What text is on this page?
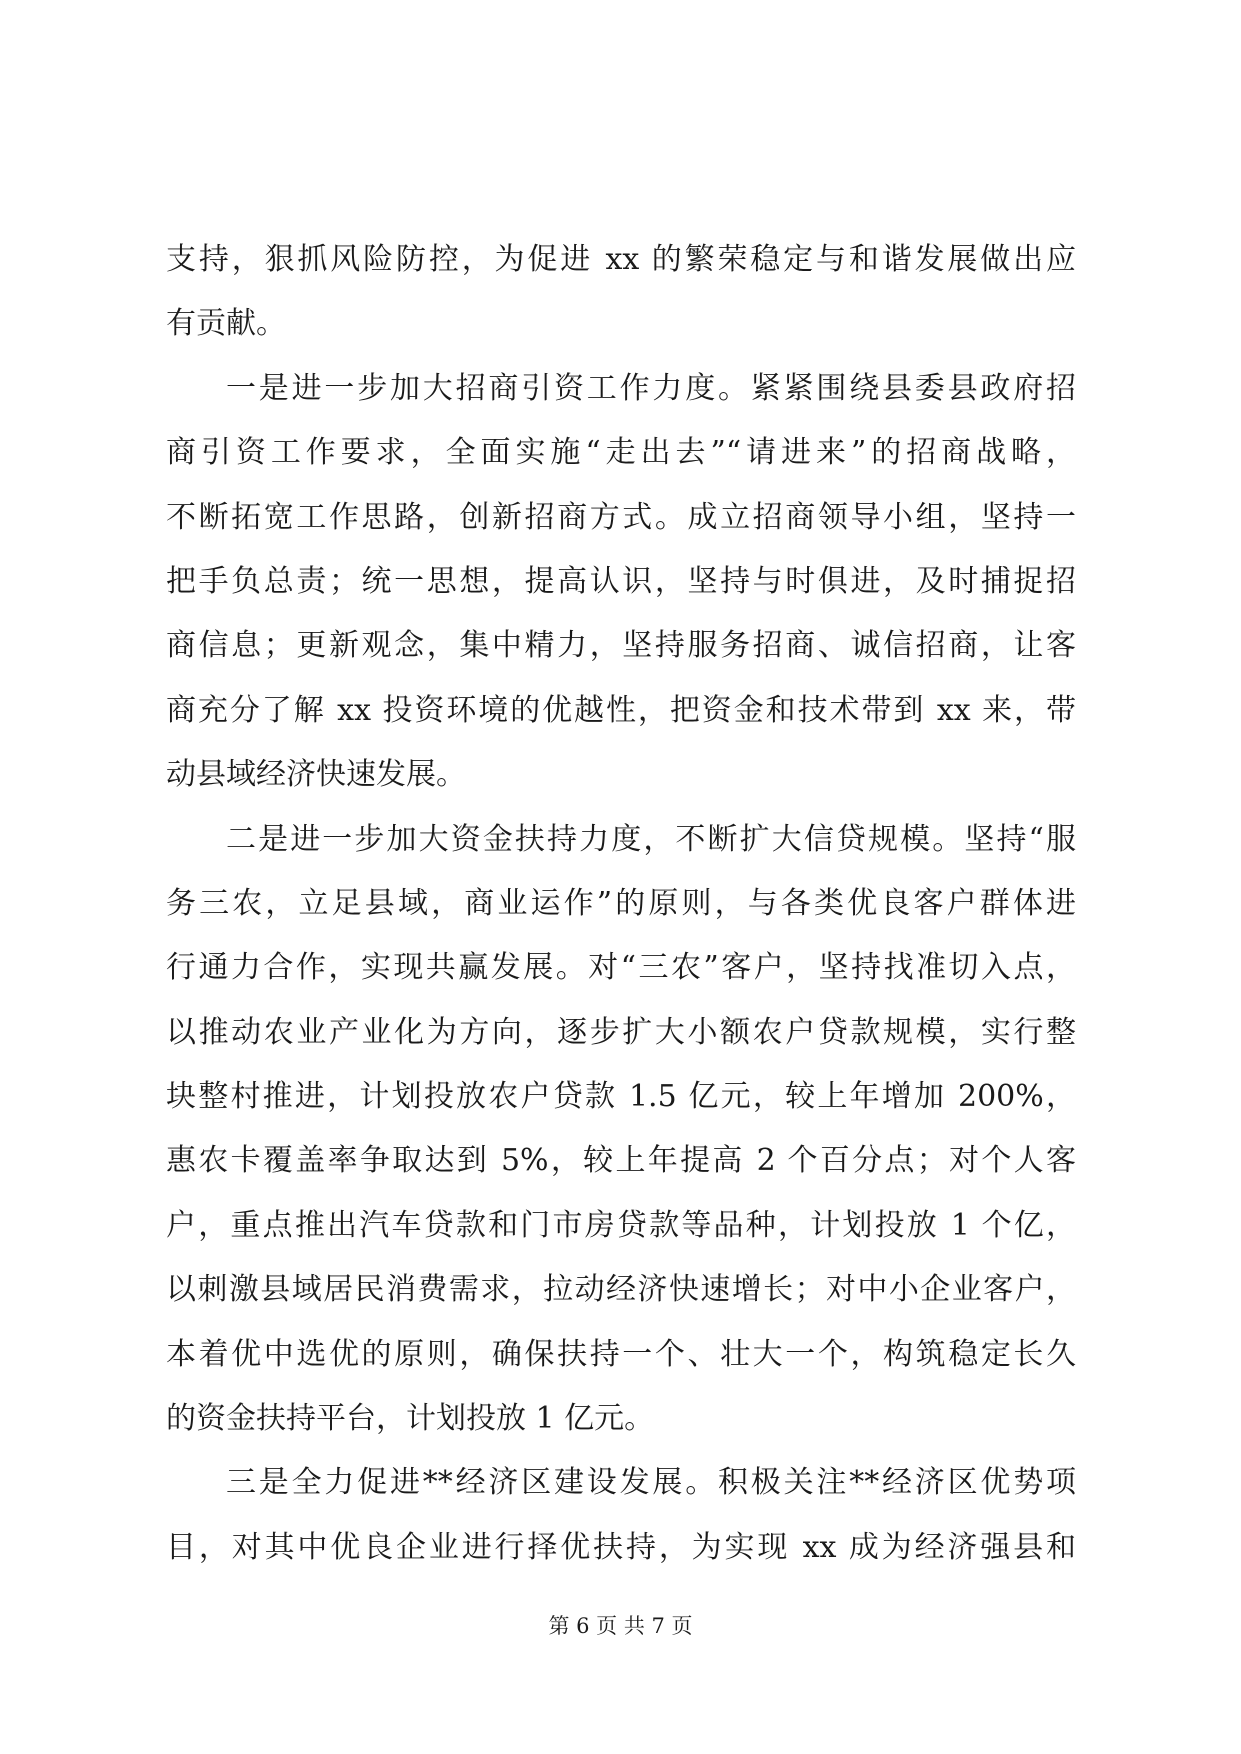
支持，狠抓风险防控，为促进 xx 的繁荣稳定与和谐发展做出应
有贡献。
一是进一步加大招商引资工作力度。紧紧围绕县委县政府招
商引资工作要求，全面实施“走出去”“请进来”的招商战略，
不断拓宽工作思路，创新招商方式。成立招商领导小组，坚持一
把手负总责；统一思想，提高认识，坚持与时俱进，及时捕捉招
商信息；更新观念，集中精力，坚持服务招商、诚信招商，让客
商充分了解 xx 投资环境的优越性，把资金和技术带到 xx 来，带
动县域经济快速发展。
二是进一步加大资金扶持力度，不断扩大信贷规模。坚持“服
务三农，立足县域，商业运作”的原则，与各类优良客户群体进
行通力合作，实现共赢发展。对“三农”客户，坚持找准切入点，
以推动农业产业化为方向，逐步扩大小额农户贷款规模，实行整
块整村推进，计划投放农户贷款 1.5 亿元，较上年增加 200%，
惠农卡覆盖率争取达到 5%，较上年提高 2 个百分点；对个人客
户，重点推出汽车贷款和门市房贷款等品种，计划投放 1 个亿，
以刺激县域居民消费需求，拉动经济快速增长；对中小企业客户，
本着优中选优的原则，确保扶持一个、壮大一个，构筑稳定长久
的资金扶持平台，计划投放 1 亿元。
三是全力促进**经济区建设发展。积极关注**经济区优势项
目，对其中优良企业进行择优扶持，为实现 xx 成为经济强县和
第 6 页 共 7 页
